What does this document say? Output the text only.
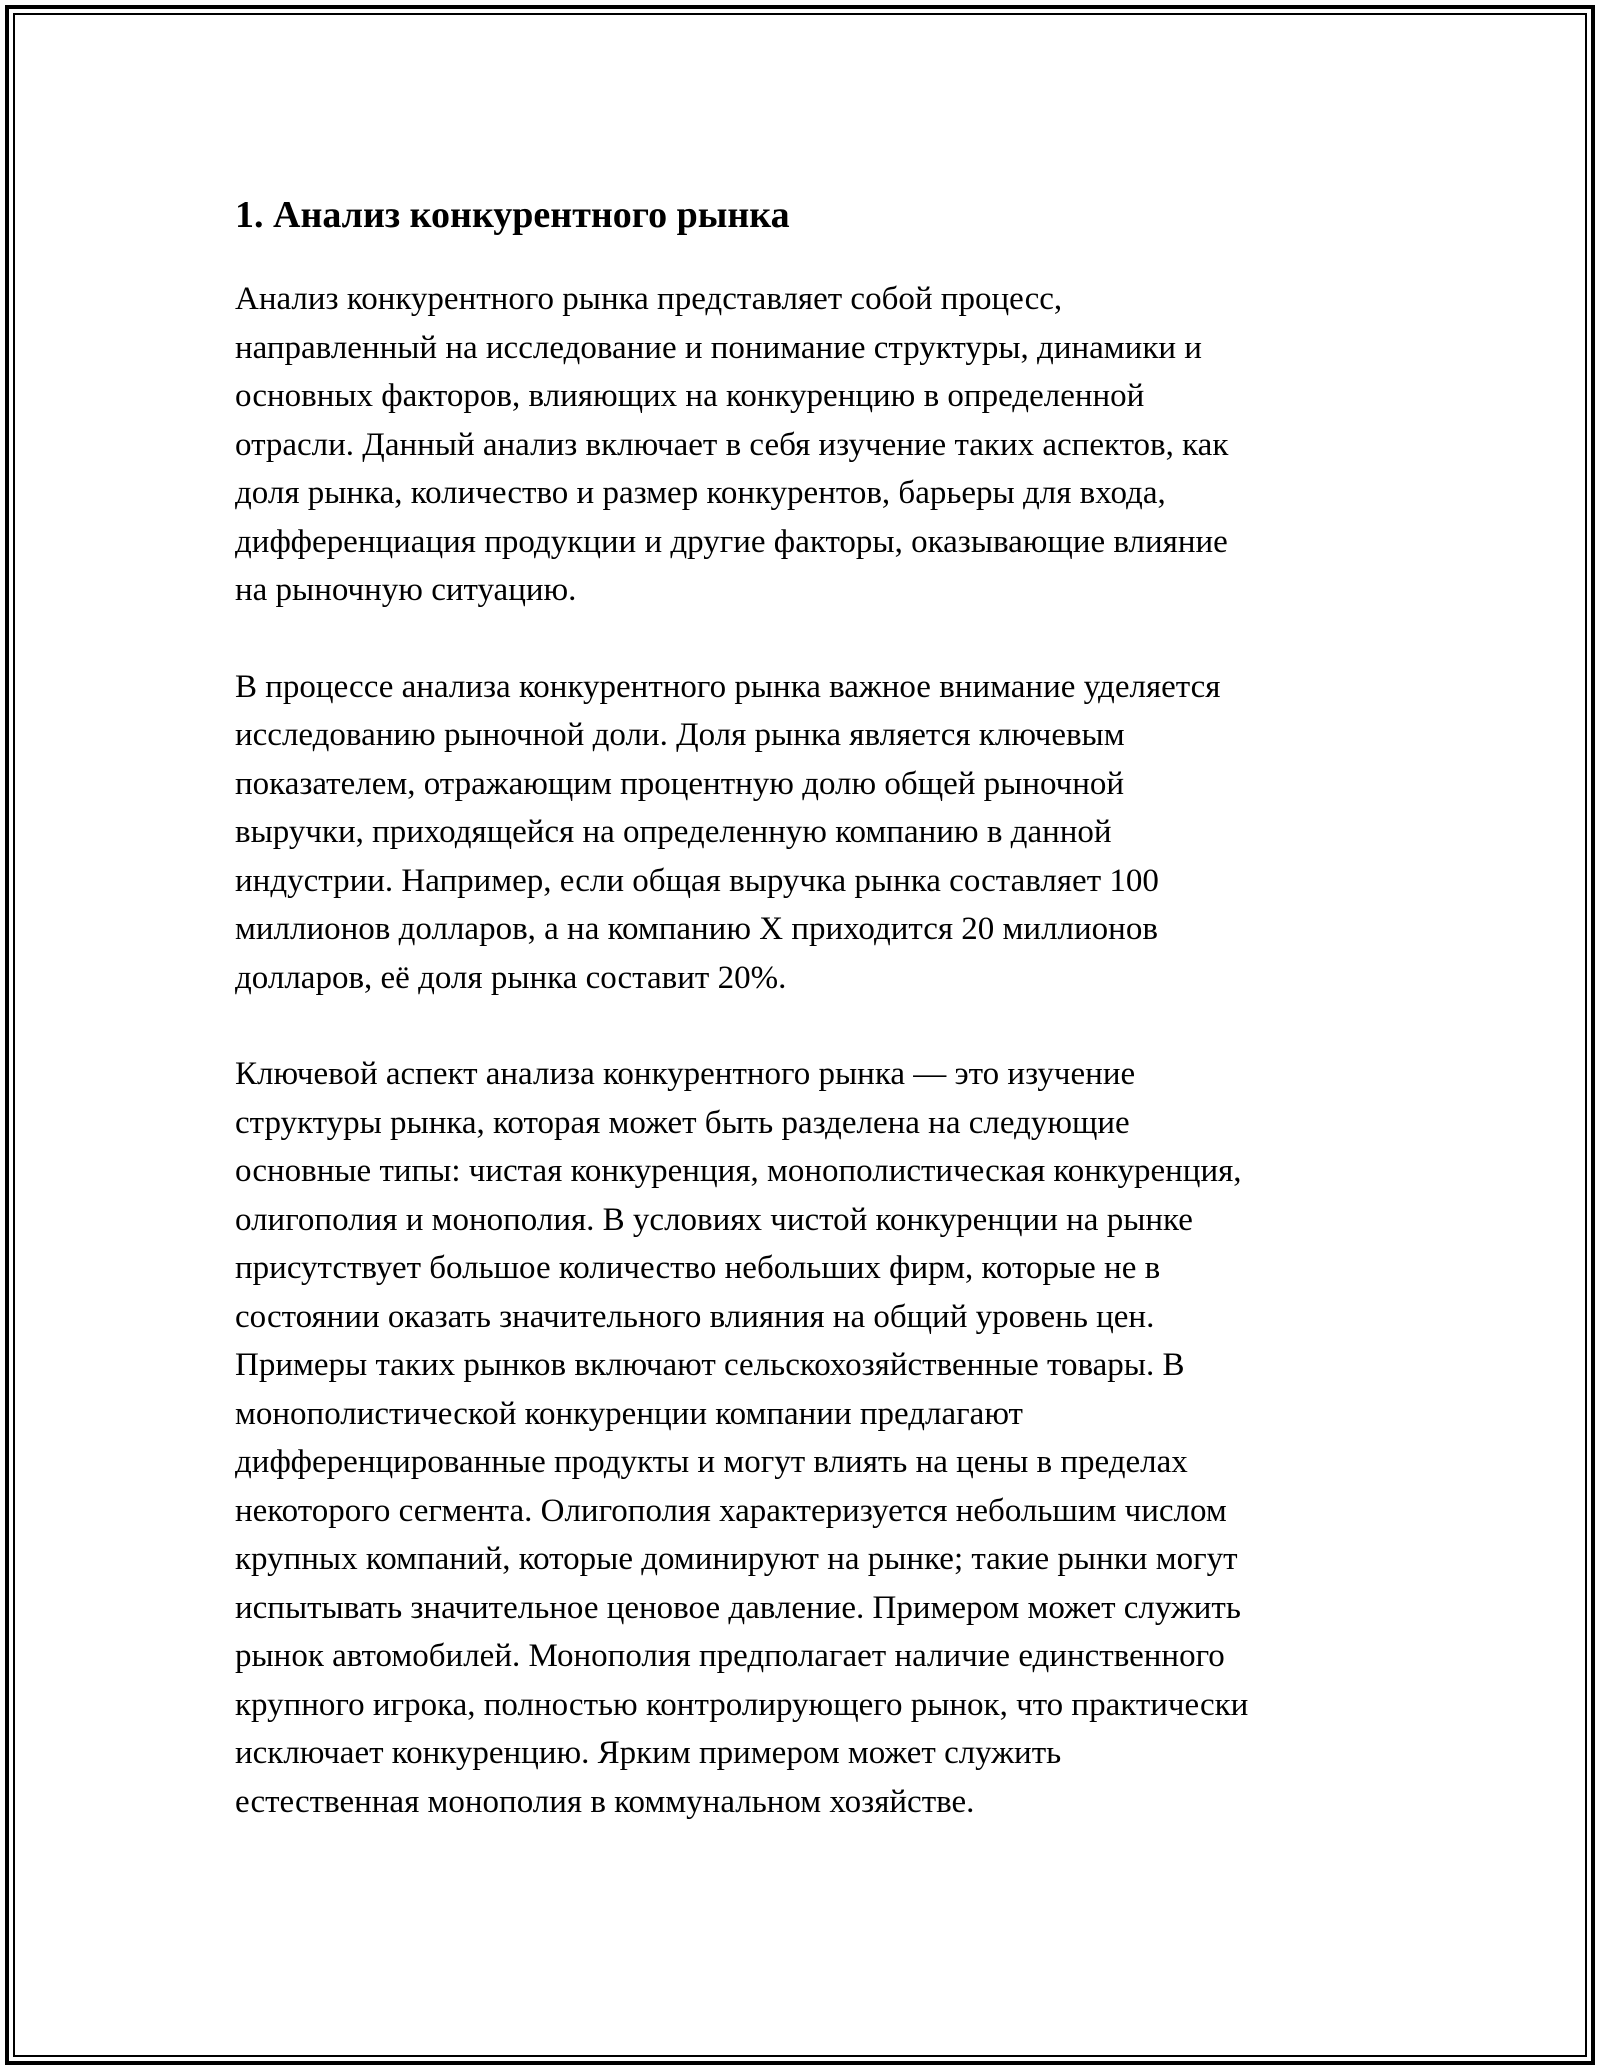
1. Анализ конкурентного рынка

Анализ конкурентного рынка представляет собой процесс,
направленный на исследование и понимание структуры, динамики и
основных факторов, влияющих на конкуренцию в определенной
отрасли. Данный анализ включает в себя изучение таких аспектов, как
доля рынка, количество и размер конкурентов, барьеры для входа,
дифференциация продукции и другие факторы, оказывающие влияние
на рыночную ситуацию.

В процессе анализа конкурентного рынка важное внимание уделяется
исследованию рыночной доли. Доля рынка является ключевым
показателем, отражающим процентную долю общей рыночной
выручки, приходящейся на определенную компанию в данной
индустрии. Например, если общая выручка рынка составляет 100
миллионов долларов, а на компанию X приходится 20 миллионов
долларов, её доля рынка составит 20%.

Ключевой аспект анализа конкурентного рынка — это изучение
структуры рынка, которая может быть разделена на следующие
основные типы: чистая конкуренция, монополистическая конкуренция,
олигополия и монополия. В условиях чистой конкуренции на рынке
присутствует большое количество небольших фирм, которые не в
состоянии оказать значительного влияния на общий уровень цен.
Примеры таких рынков включают сельскохозяйственные товары. В
монополистической конкуренции компании предлагают
дифференцированные продукты и могут влиять на цены в пределах
некоторого сегмента. Олигополия характеризуется небольшим числом
крупных компаний, которые доминируют на рынке; такие рынки могут
испытывать значительное ценовое давление. Примером может служить
рынок автомобилей. Монополия предполагает наличие единственного
крупного игрока, полностью контролирующего рынок, что практически
исключает конкуренцию. Ярким примером может служить
естественная монополия в коммунальном хозяйстве.
